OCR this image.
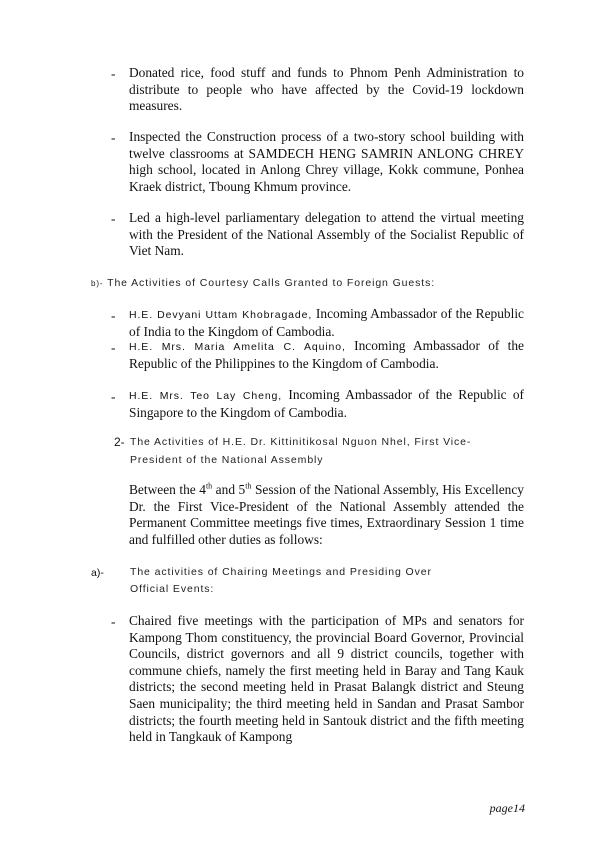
- Donated rice, food stuff and funds to Phnom Penh Administration to distribute to people who have affected by the Covid-19 lockdown measures.
- Inspected the Construction process of a two-story school building with twelve classrooms at SAMDECH HENG SAMRIN ANLONG CHREY high school, located in Anlong Chrey village, Kokk commune, Ponhea Kraek district, Tboung Khmum province.
- Led a high-level parliamentary delegation to attend the virtual meeting with the President of the National Assembly of the Socialist Republic of Viet Nam.
b)- The Activities of Courtesy Calls Granted to Foreign Guests:
- H.E. Devyani Uttam Khobragade, Incoming Ambassador of the Republic of India to the Kingdom of Cambodia.
- H.E. Mrs. Maria Amelita C. Aquino, Incoming Ambassador of the Republic of the Philippines to the Kingdom of Cambodia.
- H.E. Mrs. Teo Lay Cheng, Incoming Ambassador of the Republic of Singapore to the Kingdom of Cambodia.
2- The Activities of H.E. Dr. Kittinitikosal Nguon Nhel, First Vice-
President of the National Assembly
Between the 4th and 5th Session of the National Assembly, His Excellency Dr. the First Vice-President of the National Assembly attended the Permanent Committee meetings five times, Extraordinary Session 1 time and fulfilled other duties as follows:
a)- The activities of Chairing Meetings and Presiding Over
Official Events:
- Chaired five meetings with the participation of MPs and senators for Kampong Thom constituency, the provincial Board Governor, Provincial Councils, district governors and all 9 district councils, together with commune chiefs, namely the first meeting held in Baray and Tang Kauk districts; the second meeting held in Prasat Balangk district and Steung Saen municipality; the third meeting held in Sandan and Prasat Sambor districts; the fourth meeting held in Santouk district and the fifth meeting held in Tangkauk of Kampong
page14
